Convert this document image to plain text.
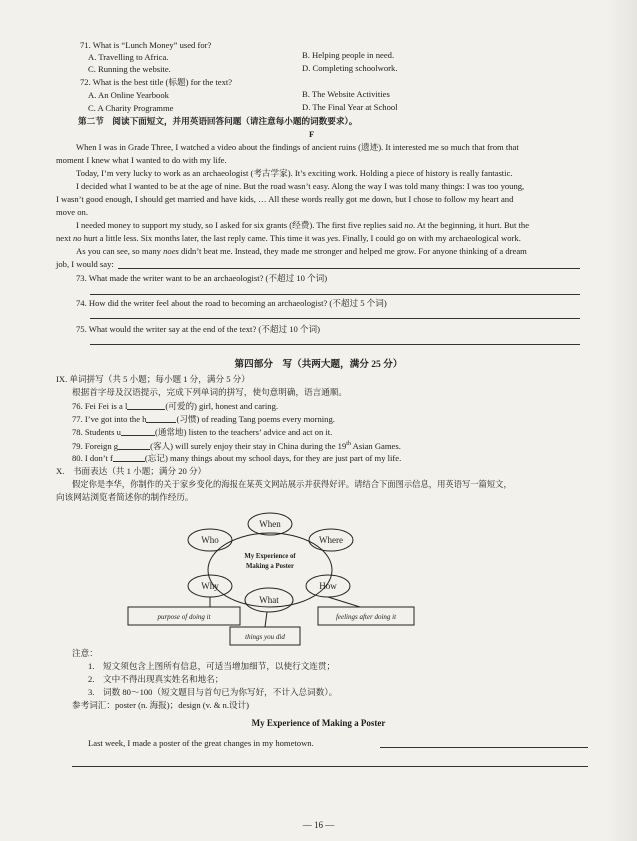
71. What is “Lunch Money” used for?
A. Travelling to Africa.	B. Helping people in need.
C. Running the website.	D. Completing schoolwork.
72. What is the best title (标题) for the text?
A. An Online Yearbook	B. The Website Activities
C. A Charity Programme	D. The Final Year at School
第二节　阅读下面短文，并用英语回答问题（请注意每小题的词数要求）。
F
When I was in Grade Three, I watched a video about the findings of ancient ruins (遗迹). It interested me so much that from that
moment I knew what I wanted to do with my life.
Today, I’m very lucky to work as an archaeologist (考古学家). It’s exciting work. Holding a piece of history is really fantastic.
I decided what I wanted to be at the age of nine. But the road wasn’t easy. Along the way I was told many things: I was too young,
I wasn’t good enough, I should get married and have kids, … All these words really got me down, but I chose to follow my heart and
move on.
I needed money to support my study, so I asked for six grants (经费). The first five replies said no. At the beginning, it hurt. But the
next no hurt a little less. Six months later, the last reply came. This time it was yes. Finally, I could go on with my archaeological work.
As you can see, so many noes didn’t beat me. Instead, they made me stronger and helped me grow. For anyone thinking of a dream
job, I would say:
73. What made the writer want to be an archaeologist? (不超过 10 个词)
74. How did the writer feel about the road to becoming an archaeologist? (不超过 5 个词)
75. What would the writer say at the end of the text? (不超过 10 个词)
第四部分　写（共两大题，满分 25 分）
IX. 单词拼写（共 5 小题；每小题 1 分，满分 5 分）
根据首字母及汉语提示，完成下列单词的拼写，使句意明确，语言通顺。
76. Fei Fei is a l	(可爱的) girl, honest and caring.
77. I’ve got into the h	(习惯) of reading Tang poems every morning.
78. Students u	(通常地) listen to the teachers’ advice and act on it.
79. Foreign g	(客人) will surely enjoy their stay in China during the 19th Asian Games.
80. I don’t f	(忘记) many things about my school days, for they are just part of my life.
X.　书面表达（共 1 小题；满分 20 分）
假定你是李华，你制作的关于家乡变化的海报在某英文网站展示并获得好评。请结合下面图示信息，用英语写一篇短文，
向该网站浏览者简述你的制作经历。
When
Who	Where
Why	How
What
My Experience of
Making a Poster
purpose of doing it
things you did
feelings after doing it
注意：
1.　短文须包含上图所有信息，可适当增加细节，以使行文连贯；
2.　文中不得出现真实姓名和地名；
3.　词数 80～100（短文题目与首句已为你写好，不计入总词数）。
参考词汇：poster (n. 海报)；design (v. & n.设计)
My Experience of Making a Poster
Last week, I made a poster of the great changes in my hometown.
— 16 —
